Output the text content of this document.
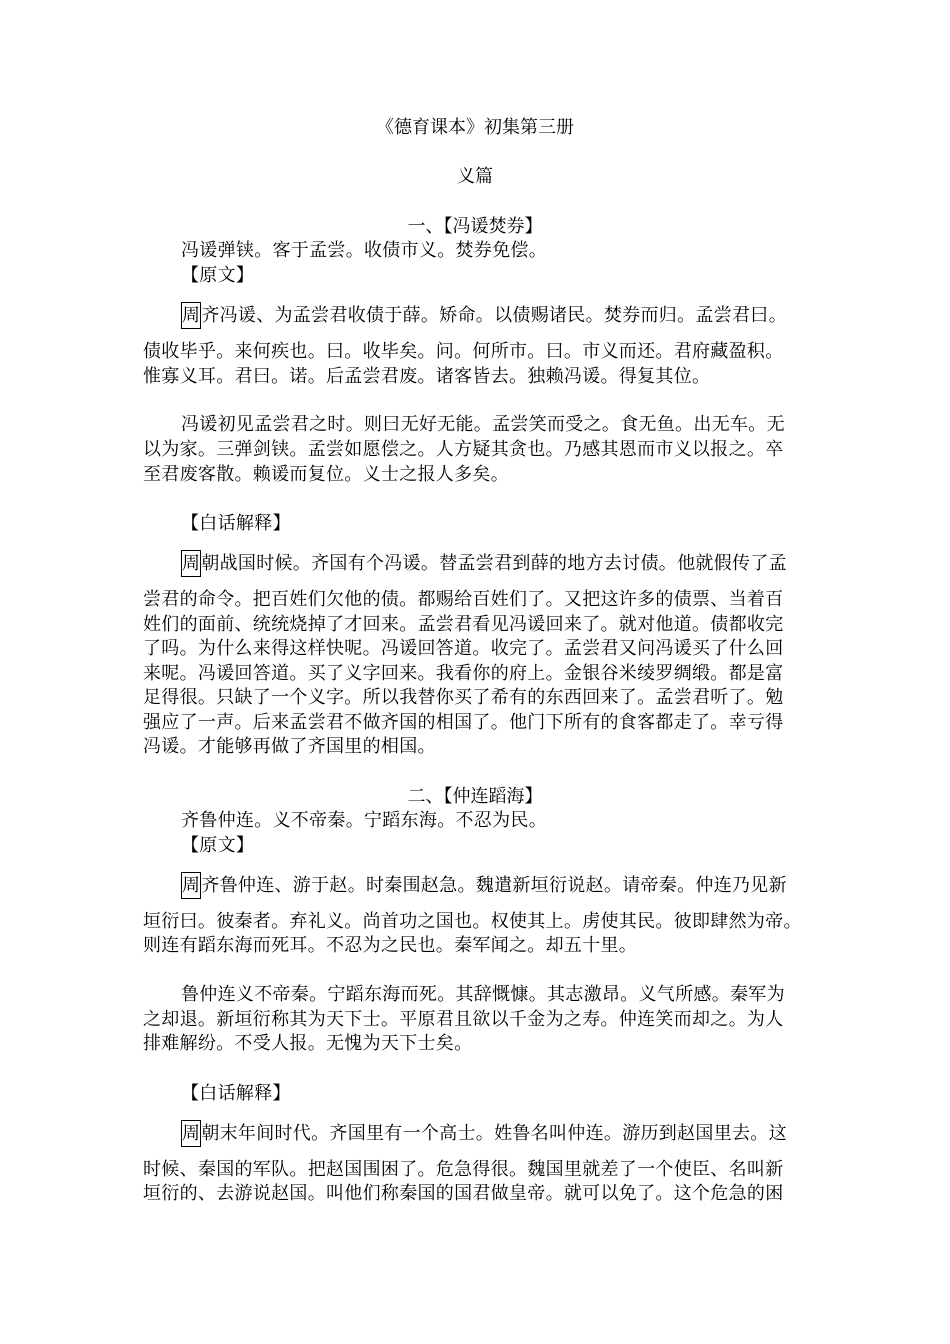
《德育课本》初集第三册
义篇
一、【冯谖焚券】
冯谖弹铗。客于孟尝。收债市义。焚券免偿。
【原文】
周齐冯谖、为孟尝君收债于薛。矫命。以债赐诸民。焚券而归。孟尝君曰。
债收毕乎。来何疾也。曰。收毕矣。问。何所市。曰。市义而还。君府藏盈积。
惟寡义耳。君曰。诺。后孟尝君废。诸客皆去。独赖冯谖。得复其位。
冯谖初见孟尝君之时。则曰无好无能。孟尝笑而受之。食无鱼。出无车。无
以为家。三弹剑铗。孟尝如愿偿之。人方疑其贪也。乃感其恩而市义以报之。卒
至君废客散。赖谖而复位。义士之报人多矣。
【白话解释】
周朝战国时候。齐国有个冯谖。替孟尝君到薛的地方去讨债。他就假传了孟
尝君的命令。把百姓们欠他的债。都赐给百姓们了。又把这许多的债票、当着百
姓们的面前、统统烧掉了才回来。孟尝君看见冯谖回来了。就对他道。债都收完
了吗。为什么来得这样快呢。冯谖回答道。收完了。孟尝君又问冯谖买了什么回
来呢。冯谖回答道。买了义字回来。我看你的府上。金银谷米绫罗绸缎。都是富
足得很。只缺了一个义字。所以我替你买了希有的东西回来了。孟尝君听了。勉
强应了一声。后来孟尝君不做齐国的相国了。他门下所有的食客都走了。幸亏得
冯谖。才能够再做了齐国里的相国。
二、【仲连蹈海】
齐鲁仲连。义不帝秦。宁蹈东海。不忍为民。
【原文】
周齐鲁仲连、游于赵。时秦围赵急。魏遣新垣衍说赵。请帝秦。仲连乃见新
垣衍曰。彼秦者。弃礼义。尚首功之国也。权使其上。虏使其民。彼即肆然为帝。
则连有蹈东海而死耳。不忍为之民也。秦军闻之。却五十里。
鲁仲连义不帝秦。宁蹈东海而死。其辞慨慷。其志激昂。义气所感。秦军为
之却退。新垣衍称其为天下士。平原君且欲以千金为之寿。仲连笑而却之。为人
排难解纷。不受人报。无愧为天下士矣。
【白话解释】
周朝末年间时代。齐国里有一个高士。姓鲁名叫仲连。游历到赵国里去。这
时候、秦国的军队。把赵国围困了。危急得很。魏国里就差了一个使臣、名叫新
垣衍的、去游说赵国。叫他们称秦国的国君做皇帝。就可以免了。这个危急的困
